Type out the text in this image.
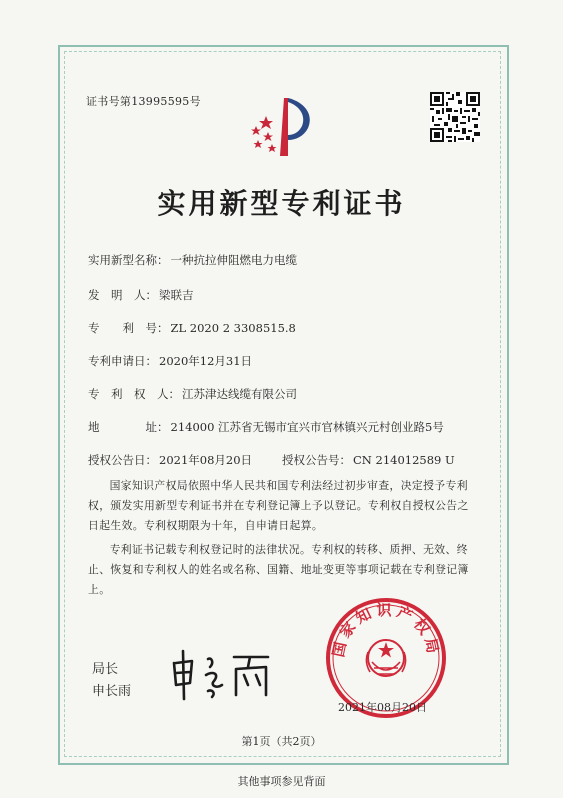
证书号第13995595号
实用新型专利证书
实用新型名称： 一种抗拉伸阻燃电力电缆
发　明　人： 梁联吉
专　　利　号： ZL 2020 2 3308515.8
专利申请日： 2020年12月31日
专　利　权　人： 江苏津达线缆有限公司
地　　　　址： 214000 江苏省无锡市宜兴市官林镇兴元村创业路5号
授权公告日： 2021年08月20日	授权公告号： CN 214012589 U
国家知识产权局依照中华人民共和国专利法经过初步审查，决定授予专利权，颁发实用新型专利证书并在专利登记簿上予以登记。专利权自授权公告之日起生效。专利权期限为十年，自申请日起算。
专利证书记载专利权登记时的法律状况。专利权的转移、质押、无效、终止、恢复和专利权人的姓名或名称、国籍、地址变更等事项记载在专利登记簿上。
局长
申长雨
国家知识产权局
2021年08月20日
第1页（共2页）
其他事项参见背面
